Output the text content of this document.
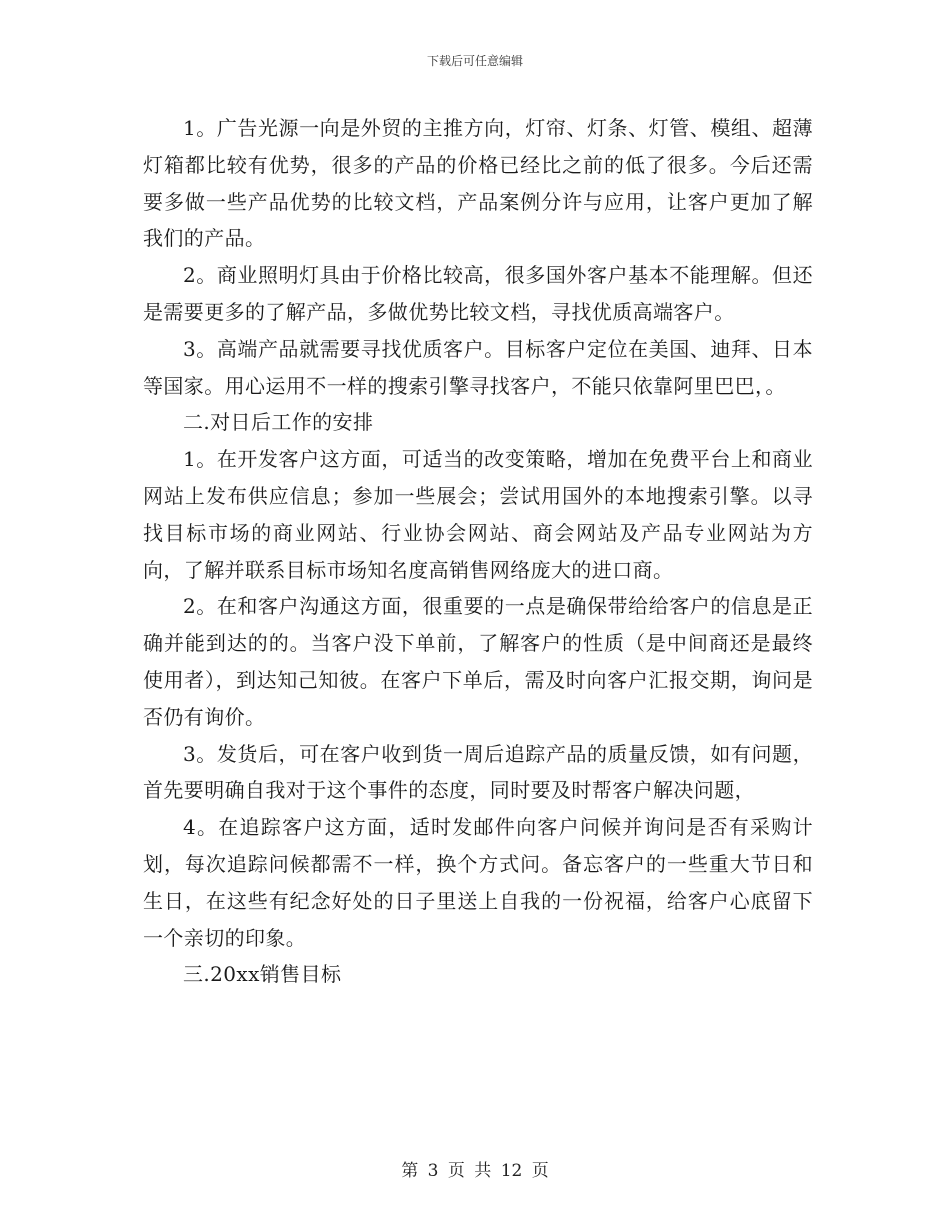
下载后可任意编辑

1。广告光源一向是外贸的主推方向，灯帘、灯条、灯管、模组、超薄灯箱都比较有优势，很多的产品的价格已经比之前的低了很多。今后还需要多做一些产品优势的比较文档，产品案例分许与应用，让客户更加了解我们的产品。

2。商业照明灯具由于价格比较高，很多国外客户基本不能理解。但还是需要更多的了解产品，多做优势比较文档，寻找优质高端客户。

3。高端产品就需要寻找优质客户。目标客户定位在美国、迪拜、日本等国家。用心运用不一样的搜索引擎寻找客户，不能只依靠阿里巴巴，。

二.对日后工作的安排

1。在开发客户这方面，可适当的改变策略，增加在免费平台上和商业网站上发布供应信息；参加一些展会；尝试用国外的本地搜索引擎。以寻找目标市场的商业网站、行业协会网站、商会网站及产品专业网站为方向，了解并联系目标市场知名度高销售网络庞大的进口商。

2。在和客户沟通这方面，很重要的一点是确保带给给客户的信息是正确并能到达的的。当客户没下单前，了解客户的性质（是中间商还是最终使用者），到达知己知彼。在客户下单后，需及时向客户汇报交期，询问是否仍有询价。

3。发货后，可在客户收到货一周后追踪产品的质量反馈，如有问题，首先要明确自我对于这个事件的态度，同时要及时帮客户解决问题，

4。在追踪客户这方面，适时发邮件向客户问候并询问是否有采购计划，每次追踪问候都需不一样，换个方式问。备忘客户的一些重大节日和生日，在这些有纪念好处的日子里送上自我的一份祝福，给客户心底留下一个亲切的印象。

三.20xx销售目标

第 3 页 共 12 页
